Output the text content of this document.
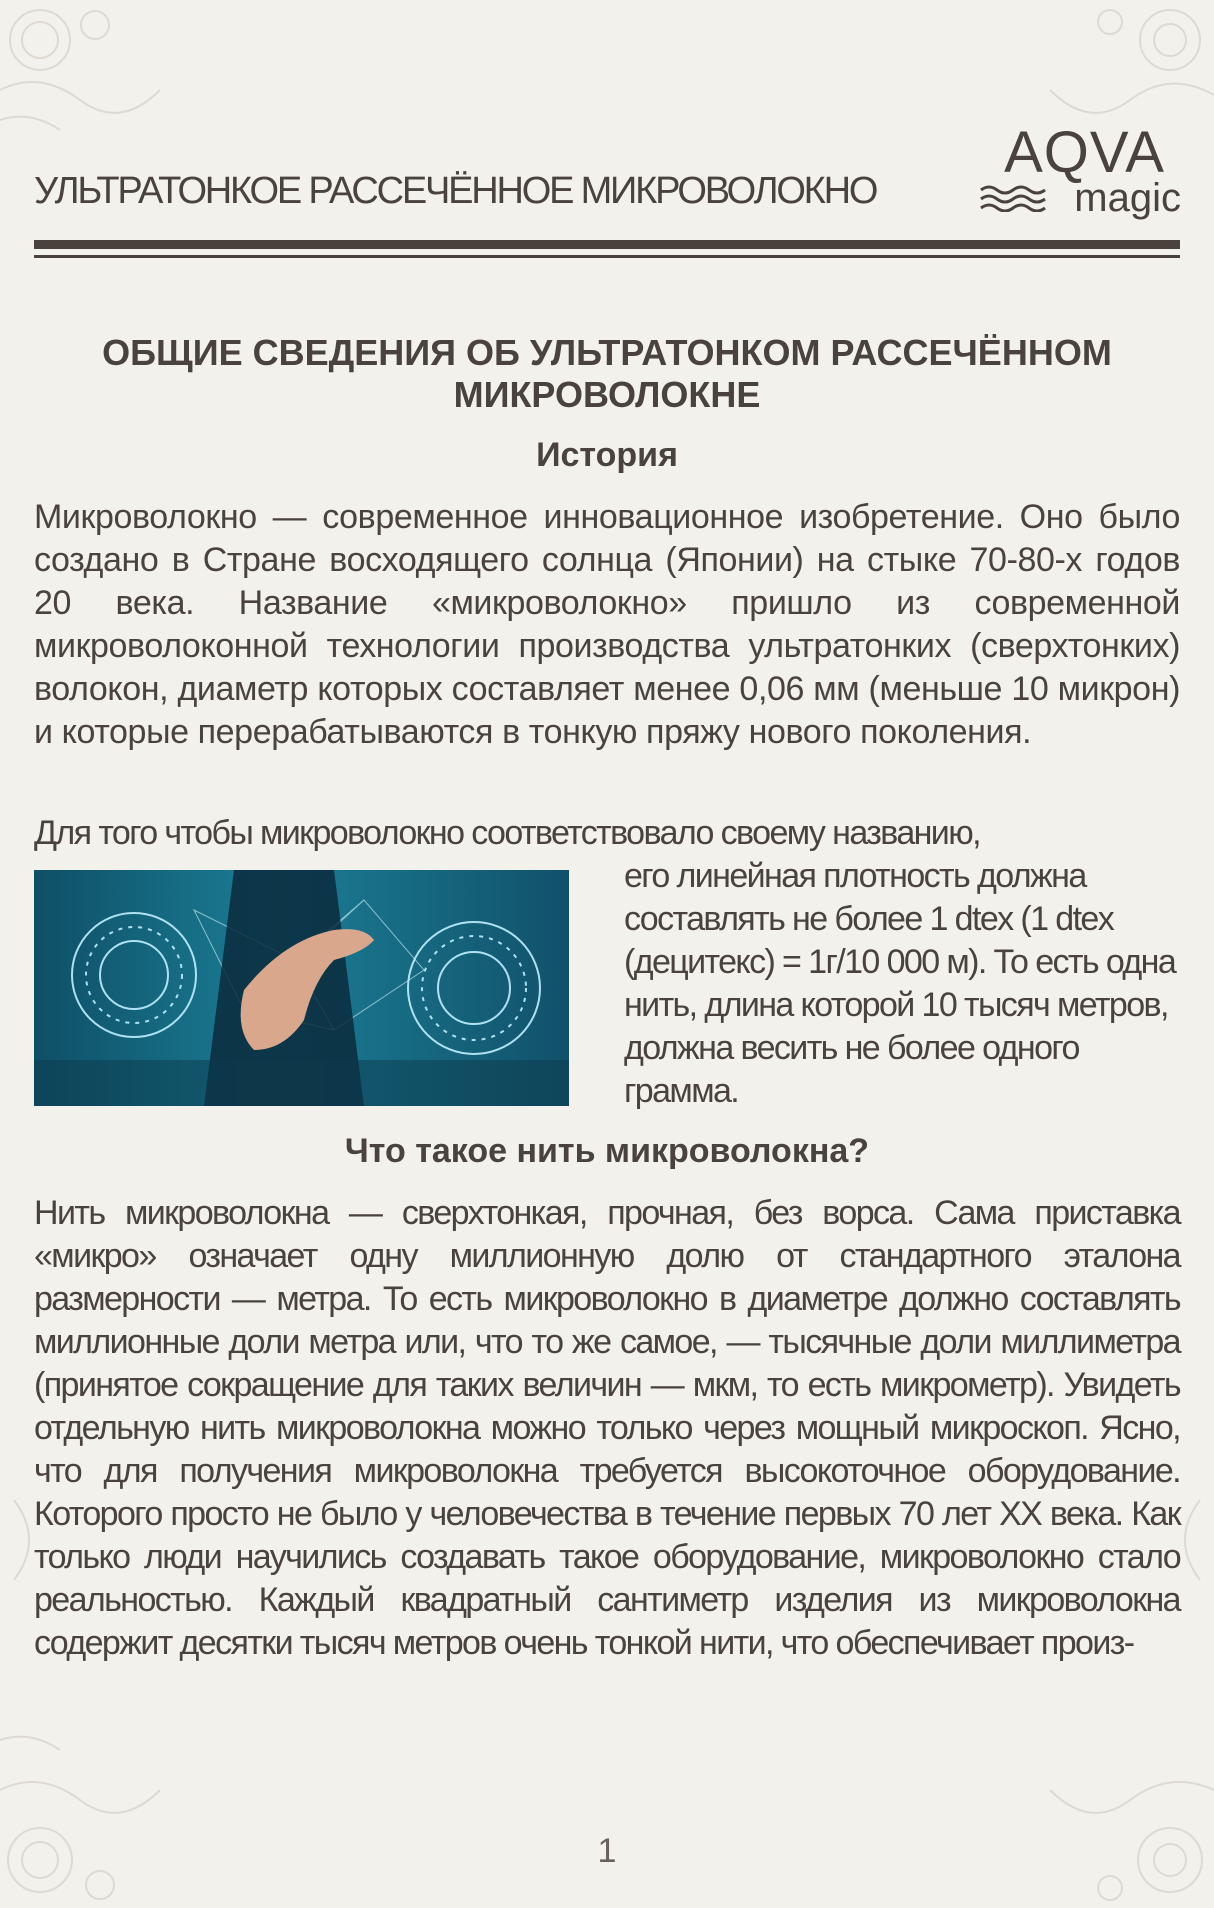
УЛЬТРАТОНКОЕ РАССЕЧЁННОЕ МИКРОВОЛОКНО
AQVA
magic
ОБЩИЕ СВЕДЕНИЯ ОБ УЛЬТРАТОНКОМ РАССЕЧЁННОМ МИКРОВОЛОКНЕ
История
Микроволокно — современное инновационное изобретение. Оно было создано в Стране восходящего солнца (Японии) на стыке 70-80-х годов 20 века. Название «микроволокно» пришло из современной микроволоконной технологии производства ультратонких (сверхтонких) волокон, диаметр которых составляет менее 0,06 мм (меньше 10 микрон) и которые перерабатываются в тонкую пряжу нового поколения.
Для того чтобы микроволокно соответствовало своему названию,
его линейная плотность должна составлять не более 1 dtex (1 dtex (децитекс) = 1г/10 000 м). То есть одна нить, длина которой 10 тысяч метров, должна весить не более одного грамма.
Что такое нить микроволокна?
Нить микроволокна — сверхтонкая, прочная, без ворса. Сама приставка «микро» означает одну миллионную долю от стандартного эталона размерности — метра. То есть микроволокно в диаметре должно составлять миллионные доли метра или, что то же самое, — тысячные доли миллиметра (принятое сокращение для таких величин — мкм, то есть микрометр). Увидеть отдельную нить микроволокна можно только через мощный микроскоп. Ясно, что для получения микроволокна требуется высокоточное оборудование. Которого просто не было у человечества в течение первых 70 лет XX века. Как только люди научились создавать такое оборудование, микроволокно стало реальностью. Каждый квадратный сантиметр изделия из микроволокна содержит десятки тысяч метров очень тонкой нити, что обеспечивает произ-
1
